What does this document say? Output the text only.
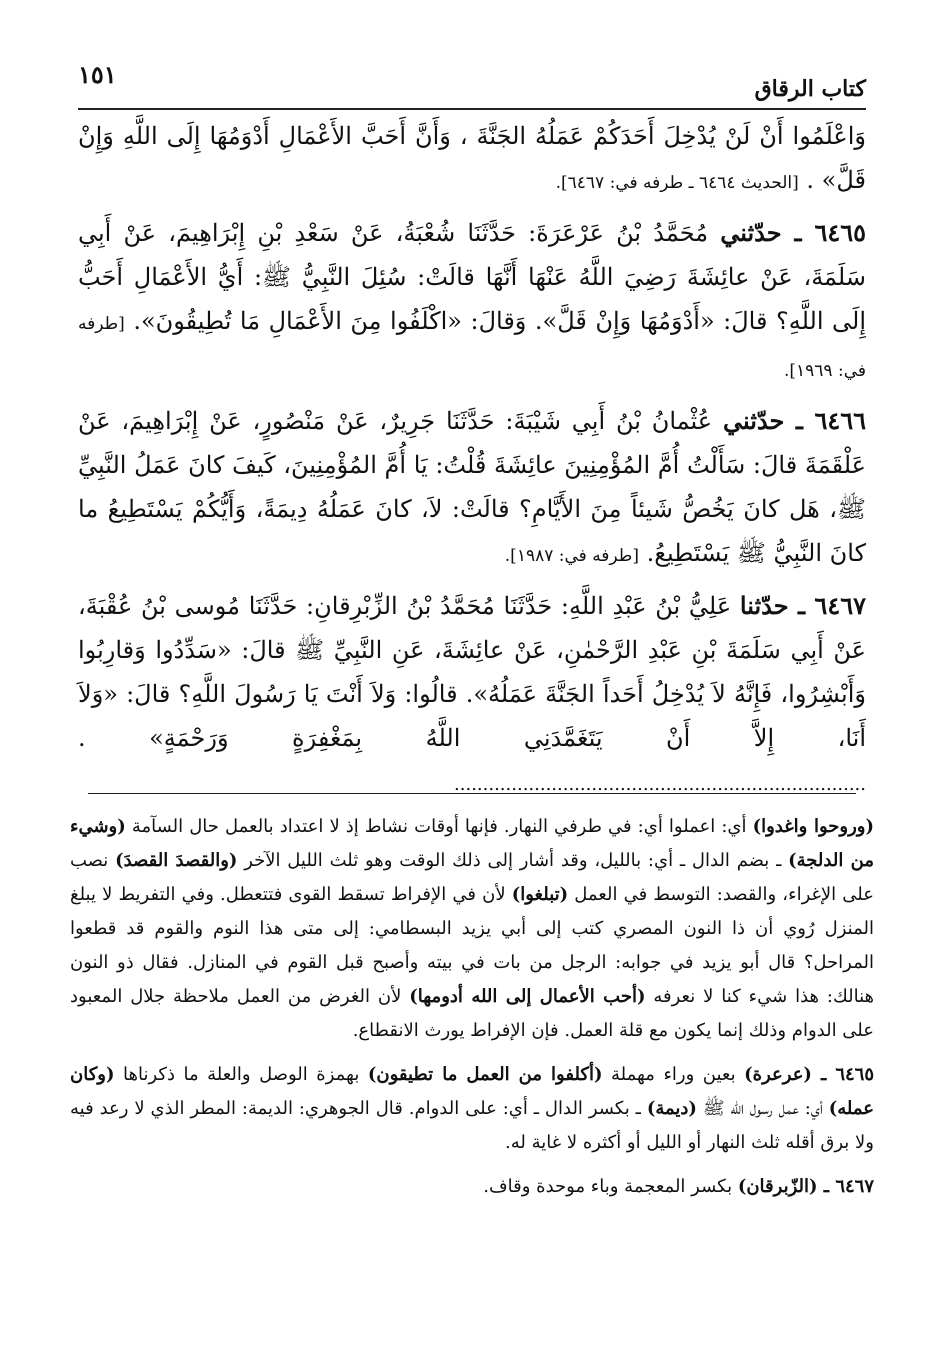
١٥١	كتاب الرقاق

وَاعْلَمُوا أَنْ لَنْ يُدْخِلَ أَحَدَكُمْ عَمَلُهُ الجَنَّةَ ، وَأَنَّ أَحَبَّ الأَعْمَالِ أَدْوَمُهَا إِلَى اللَّهِ وَإِنْ قَلَّ» . [الحديث ٦٤٦٤ ـ طرفه في: ٦٤٦٧].

٦٤٦٥ ـ حدّثني مُحَمَّدُ بْنُ عَرْعَرَةَ: حَدَّثَنَا شُعْبَةُ، عَنْ سَعْدِ بْنِ إِبْرَاهِيمَ، عَنْ أَبِي سَلَمَةَ، عَنْ عائِشَةَ رَضِيَ اللَّهُ عَنْهَا أَنَّهَا قالَتْ: سُئِلَ النَّبِيُّ ﷺ: أَيُّ الأَعْمَالِ أَحَبُّ إِلَى اللَّهِ؟ قالَ: «أَدْوَمُهَا وَإِنْ قَلَّ». وَقالَ: «اكْلَفُوا مِنَ الأَعْمَالِ مَا تُطِيقُونَ». [طرفه في: ١٩٦٩].

٦٤٦٦ ـ حدّثني عُثْمانُ بْنُ أَبِي شَيْبَةَ: حَدَّثَنَا جَرِيرٌ، عَنْ مَنْصُورٍ، عَنْ إِبْرَاهِيمَ، عَنْ عَلْقَمَةَ قالَ: سَأَلْتُ أُمَّ المُؤْمِنِينَ عائِشَةَ قُلْتُ: يَا أُمَّ المُؤْمِنِينَ، كَيفَ كانَ عَمَلُ النَّبِيِّ ﷺ، هَل كانَ يَخُصُّ شَيئاً مِنَ الأَيَّامِ؟ قالَتْ: لاَ، كانَ عَمَلُهُ دِيمَةً، وَأَيُّكُمْ يَسْتَطِيعُ ما كانَ النَّبِيُّ ﷺ يَسْتَطِيعُ. [طرفه في: ١٩٨٧].

٦٤٦٧ ـ حدّثنا عَلِيُّ بْنُ عَبْدِ اللَّهِ: حَدَّثَنَا مُحَمَّدُ بْنُ الزِّبْرِقانِ: حَدَّثَنَا مُوسى بْنُ عُقْبَةَ، عَنْ أَبِي سَلَمَةَ بْنِ عَبْدِ الرَّحْمٰنِ، عَنْ عائِشَةَ، عَنِ النَّبِيِّ ﷺ قالَ: «سَدِّدُوا وَقارِبُوا وَأَبْشِرُوا، فَإِنَّهُ لاَ يُدْخِلُ أَحَداً الجَنَّةَ عَمَلُهُ». قالُوا: وَلاَ أَنْتَ يَا رَسُولَ اللَّهِ؟ قالَ: «وَلاَ أَنَا، إِلاَّ أَنْ يَتَغَمَّدَنِي اللَّهُ بِمَغْفِرَةٍ وَرَحْمَةٍ» . ........................................................................

(وروحوا واغدوا) أي: اعملوا أي: في طرفي النهار. فإنها أوقات نشاط إذ لا اعتداد بالعمل حال السآمة (وشيء من الدلجة) ـ بضم الدال ـ أي: بالليل، وقد أشار إلى ذلك الوقت وهو ثلث الليل الآخر (والقصدَ القصدَ) نصب على الإغراء، والقصد: التوسط في العمل (تبلغوا) لأن في الإفراط تسقط القوى فتتعطل. وفي التفريط لا يبلغ المنزل رُوي أن ذا النون المصري كتب إلى أبي يزيد البسطامي: إلى متى هذا النوم والقوم قد قطعوا المراحل؟ قال أبو يزيد في جوابه: الرجل من بات في بيته وأصبح قبل القوم في المنازل. فقال ذو النون هنالك: هذا شيء كنا لا نعرفه (أحب الأعمال إلى الله أدومها) لأن الغرض من العمل ملاحظة جلال المعبود على الدوام وذلك إنما يكون مع قلة العمل. فإن الإفراط يورث الانقطاع.

٦٤٦٥ ـ (عرعرة) بعين وراء مهملة (أكلفوا من العمل ما تطيقون) بهمزة الوصل والعلة ما ذكرناها (وكان عمله) أي: عمل رسول الله ﷺ (ديمة) ـ بكسر الدال ـ أي: على الدوام. قال الجوهري: الديمة: المطر الذي لا رعد فيه ولا برق أقله ثلث النهار أو الليل أو أكثره لا غاية له.

٦٤٦٧ ـ (الزّبرقان) بكسر المعجمة وباء موحدة وقاف.
